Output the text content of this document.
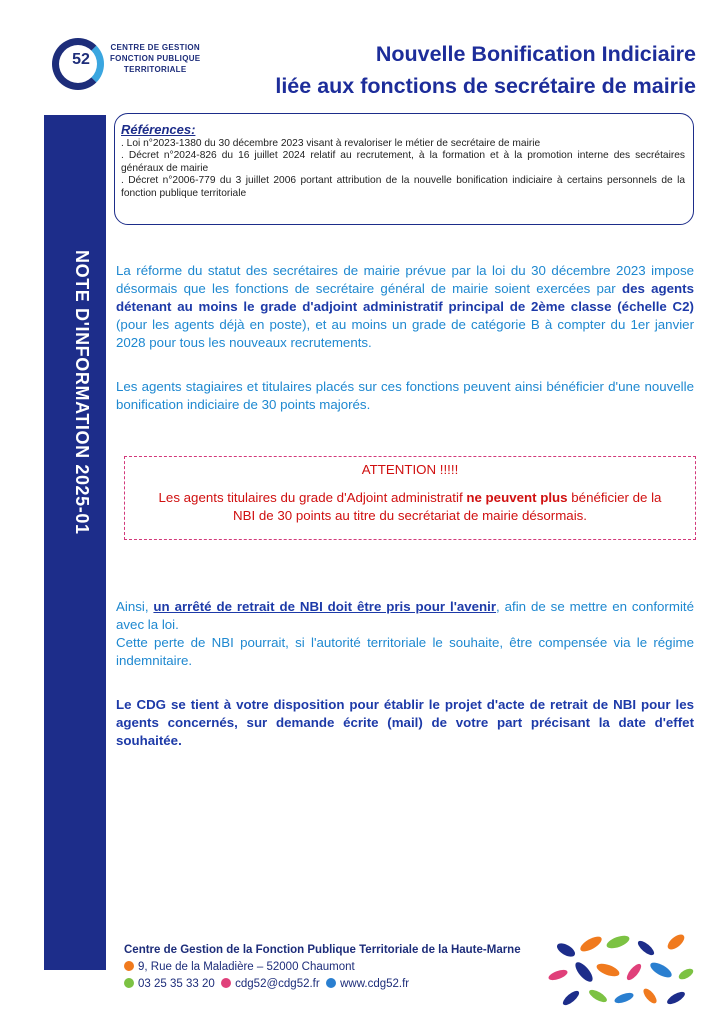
52
CENTRE DE GESTION
FONCTION PUBLIQUE
TERRITORIALE
Nouvelle Bonification Indiciaire
liée aux fonctions de secrétaire de mairie
NOTE D'INFORMATION 2025-01
Références:
. Loi n°2023-1380 du 30 décembre 2023 visant à revaloriser le métier de secrétaire de mairie
. Décret n°2024-826 du 16 juillet 2024 relatif au recrutement, à la formation et à la promotion interne des secrétaires généraux de mairie
. Décret n°2006-779 du 3 juillet 2006 portant attribution de la nouvelle bonification indiciaire à certains personnels de la fonction publique territoriale
La réforme du statut des secrétaires de mairie prévue par la loi du 30 décembre 2023 impose désormais que les fonctions de secrétaire général de mairie soient exercées par des agents détenant au moins le grade d'adjoint administratif principal de 2ème classe (échelle C2) (pour les agents déjà en poste), et au moins un grade de catégorie B à compter du 1er janvier 2028 pour tous les nouveaux recrutements.
Les agents stagiaires et titulaires placés sur ces fonctions peuvent ainsi bénéficier d'une nouvelle bonification indiciaire de 30 points majorés.
ATTENTION !!!!!
Les agents titulaires du grade d'Adjoint administratif ne peuvent plus bénéficier de la NBI de 30 points au titre du secrétariat de mairie désormais.
Ainsi, un arrêté de retrait de NBI doit être pris pour l'avenir, afin de se mettre en conformité avec la loi.
Cette perte de NBI pourrait, si l'autorité territoriale le souhaite, être compensée via le régime indemnitaire.
Le CDG se tient à votre disposition pour établir le projet d'acte de retrait de NBI pour les agents concernés, sur demande écrite (mail) de votre part précisant la date d'effet souhaitée.
Centre de Gestion de la Fonction Publique Territoriale de la Haute-Marne
9, Rue de la Maladière – 52000 Chaumont
03 25 35 33 20 cdg52@cdg52.fr www.cdg52.fr
